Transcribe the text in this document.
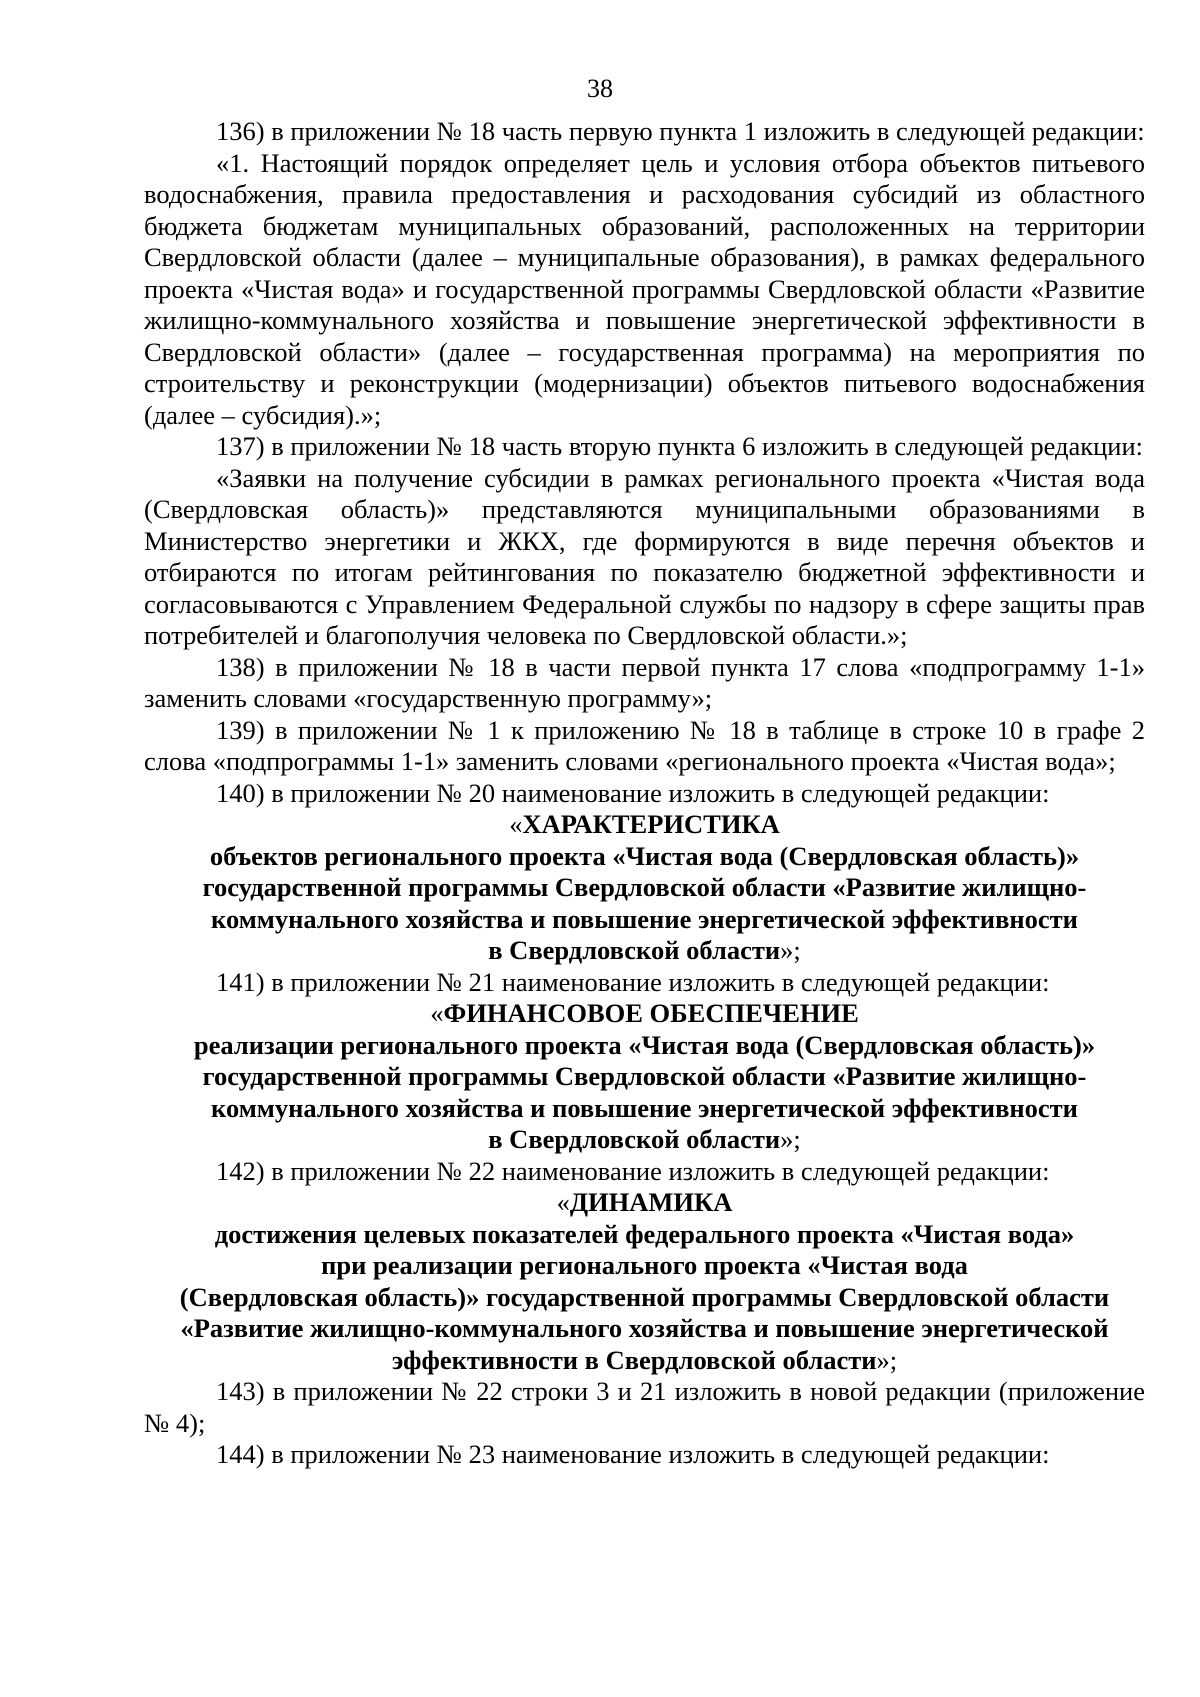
38

136) в приложении № 18 часть первую пункта 1 изложить в следующей редакции:

«1. Настоящий порядок определяет цель и условия отбора объектов питьевого водоснабжения, правила предоставления и расходования субсидий из областного бюджета бюджетам муниципальных образований, расположенных на территории Свердловской области (далее – муниципальные образования), в рамках федерального проекта «Чистая вода» и государственной программы Свердловской области «Развитие жилищно-коммунального хозяйства и повышение энергетической эффективности в Свердловской области» (далее – государственная программа) на мероприятия по строительству и реконструкции (модернизации) объектов питьевого водоснабжения (далее – субсидия).»;

137) в приложении № 18 часть вторую пункта 6 изложить в следующей редакции:

«Заявки на получение субсидии в рамках регионального проекта «Чистая вода (Свердловская область)» представляются муниципальными образованиями в Министерство энергетики и ЖКХ, где формируются в виде перечня объектов и отбираются по итогам рейтингования по показателю бюджетной эффективности и согласовываются с Управлением Федеральной службы по надзору в сфере защиты прав потребителей и благополучия человека по Свердловской области.»;

138) в приложении № 18 в части первой пункта 17 слова «подпрограмму 1-1» заменить словами «государственную программу»;

139) в приложении № 1 к приложению № 18 в таблице в строке 10 в графе 2 слова «подпрограммы 1-1» заменить словами «регионального проекта «Чистая вода»;

140) в приложении № 20 наименование изложить в следующей редакции:

«ХАРАКТЕРИСТИКА
объектов регионального проекта «Чистая вода (Свердловская область)»
государственной программы Свердловской области «Развитие жилищно-
коммунального хозяйства и повышение энергетической эффективности
в Свердловской области»;

141) в приложении № 21 наименование изложить в следующей редакции:

«ФИНАНСОВОЕ ОБЕСПЕЧЕНИЕ
реализации регионального проекта «Чистая вода (Свердловская область)»
государственной программы Свердловской области «Развитие жилищно-
коммунального хозяйства и повышение энергетической эффективности
в Свердловской области»;

142) в приложении № 22 наименование изложить в следующей редакции:

«ДИНАМИКА
достижения целевых показателей федерального проекта «Чистая вода»
при реализации регионального проекта «Чистая вода
(Свердловская область)» государственной программы Свердловской области
«Развитие жилищно-коммунального хозяйства и повышение энергетической
эффективности в Свердловской области»;

143) в приложении № 22 строки 3 и 21 изложить в новой редакции (приложение № 4);

144) в приложении № 23 наименование изложить в следующей редакции:
